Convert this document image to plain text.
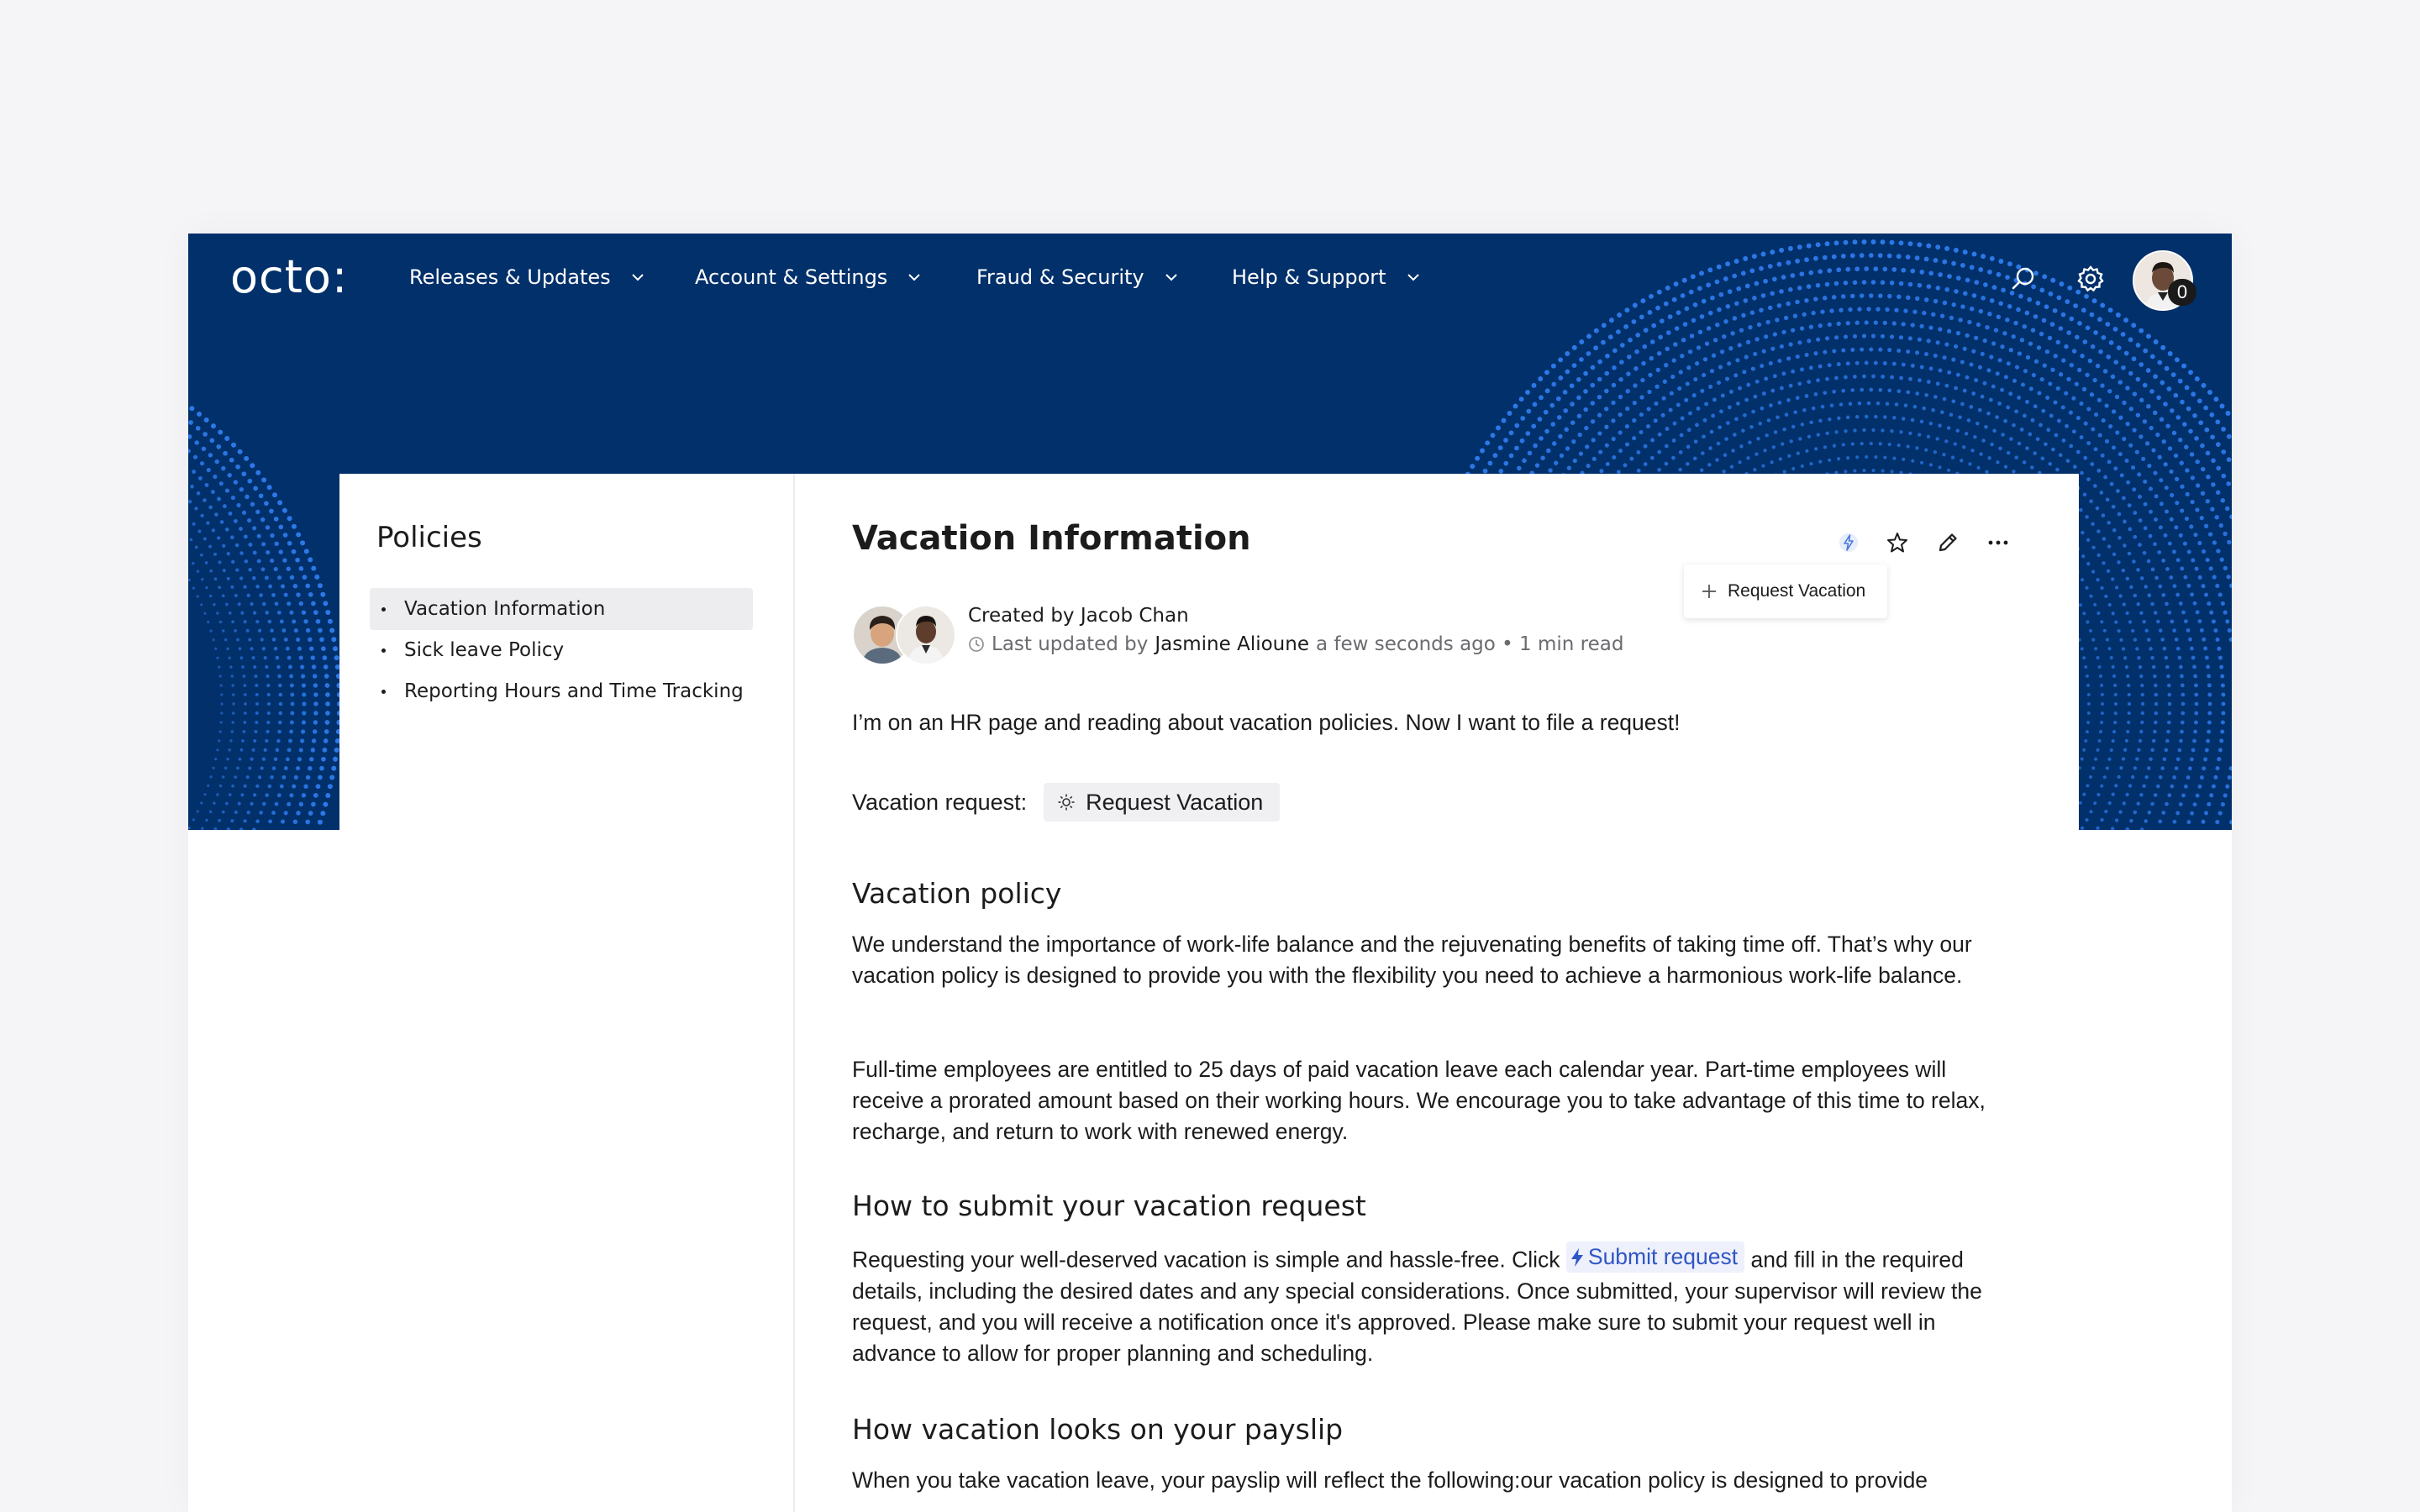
octo:	Releases & Updates	Account & Settings	Fraud & Security	Help & Support
0
Policies
Vacation Information
Sick leave Policy
Reporting Hours and Time Tracking
Vacation Information
Request Vacation
Created by Jacob Chan
Last updated by Jasmine Alioune a few seconds ago • 1 min read

I’m on an HR page and reading about vacation policies. Now I want to file a request!

Vacation request:	Request Vacation
Vacation policy

We understand the importance of work-life balance and the rejuvenating benefits of taking time off. That’s why our vacation policy is designed to provide you with the flexibility you need to achieve a harmonious work-life balance.

Full-time employees are entitled to 25 days of paid vacation leave each calendar year. Part-time employees will receive a prorated amount based on their working hours. We encourage you to take advantage of this time to relax, recharge, and return to work with renewed energy.

How to submit your vacation request

Requesting your well-deserved vacation is simple and hassle-free. Click Submit request and fill in the required details, including the desired dates and any special considerations. Once submitted, your supervisor will review the request, and you will receive a notification once it's approved. Please make sure to submit your request well in advance to allow for proper planning and scheduling.

How vacation looks on your payslip

When you take vacation leave, your payslip will reflect the following:our vacation policy is designed to provide
